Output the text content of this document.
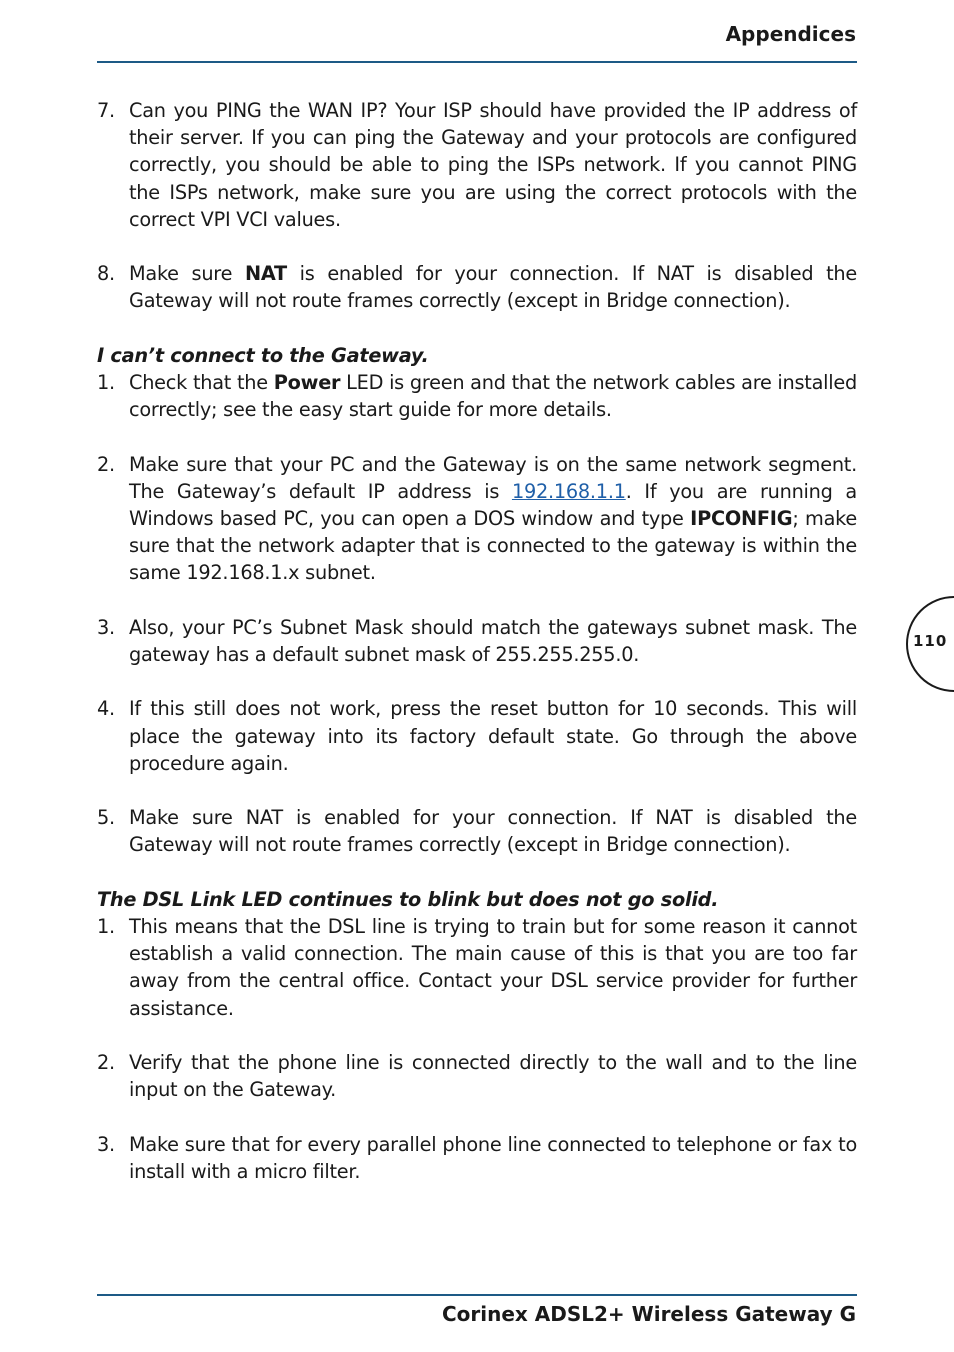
Appendices
110
7. Can you PING the WAN IP? Your ISP should have provided the IP address of their server. If you can ping the Gateway and your protocols are configured correctly, you should be able to ping the ISPs network. If you cannot PING the ISPs network, make sure you are using the correct protocols with the correct VPI VCI values.
8. Make sure NAT is enabled for your connection. If NAT is disabled the Gateway will not route frames correctly (except in Bridge connection).

I can’t connect to the Gateway.

1. Check that the Power LED is green and that the network cables are installed correctly; see the easy start guide for more details.
2. Make sure that your PC and the Gateway is on the same network segment. The Gateway’s default IP address is 192.168.1.1. If you are running a Windows based PC, you can open a DOS window and type IPCONFIG; make sure that the network adapter that is connected to the gateway is within the same 192.168.1.x subnet.
3. Also, your PC’s Subnet Mask should match the gateways subnet mask. The gateway has a default subnet mask of 255.255.255.0.
4. If this still does not work, press the reset button for 10 seconds. This will place the gateway into its factory default state. Go through the above procedure again.
5. Make sure NAT is enabled for your connection. If NAT is disabled the Gateway will not route frames correctly (except in Bridge connection).

The DSL Link LED continues to blink but does not go solid.

1. This means that the DSL line is trying to train but for some reason it cannot establish a valid connection. The main cause of this is that you are too far away from the central office. Contact your DSL service provider for further assistance.
2. Verify that the phone line is connected directly to the wall and to the line input on the Gateway.
3. Make sure that for every parallel phone line connected to telephone or fax to install with a micro filter.
Corinex ADSL2+ Wireless Gateway G
